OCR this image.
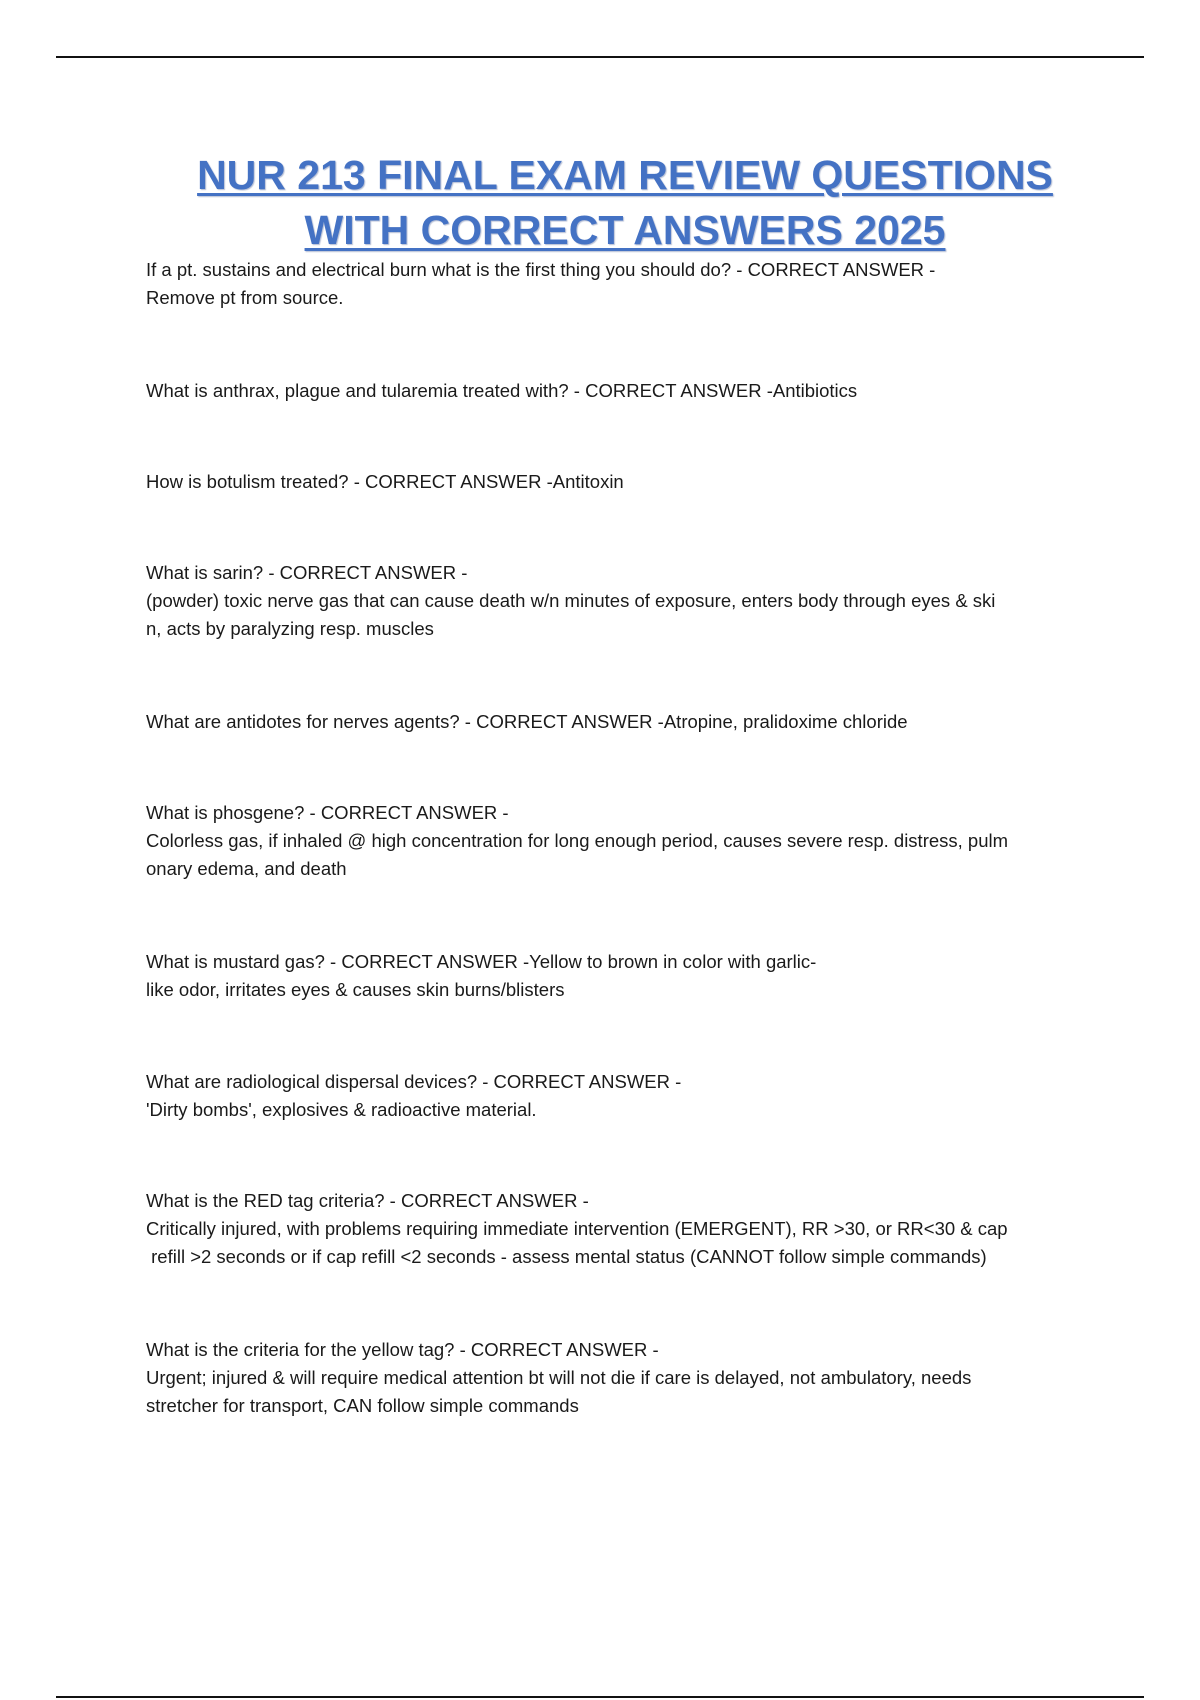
NUR 213 FINAL EXAM REVIEW QUESTIONS
WITH CORRECT ANSWERS 2025
If a pt. sustains and electrical burn what is the first thing you should do? - CORRECT ANSWER -
Remove pt from source.
What is anthrax, plague and tularemia treated with? - CORRECT ANSWER -Antibiotics
How is botulism treated? - CORRECT ANSWER -Antitoxin
What is sarin? - CORRECT ANSWER -
(powder) toxic nerve gas that can cause death w/n minutes of exposure, enters body through eyes & ski
n, acts by paralyzing resp. muscles
What are antidotes for nerves agents? - CORRECT ANSWER -Atropine, pralidoxime chloride
What is phosgene? - CORRECT ANSWER -
Colorless gas, if inhaled @ high concentration for long enough period, causes severe resp. distress, pulm
onary edema, and death
What is mustard gas? - CORRECT ANSWER -Yellow to brown in color with garlic-
like odor, irritates eyes & causes skin burns/blisters
What are radiological dispersal devices? - CORRECT ANSWER -
'Dirty bombs', explosives & radioactive material.
What is the RED tag criteria? - CORRECT ANSWER -
Critically injured, with problems requiring immediate intervention (EMERGENT), RR >30, or RR<30 & cap
refill >2 seconds or if cap refill <2 seconds - assess mental status (CANNOT follow simple commands)
What is the criteria for the yellow tag? - CORRECT ANSWER -
Urgent; injured & will require medical attention bt will not die if care is delayed, not ambulatory, needs
stretcher for transport, CAN follow simple commands
